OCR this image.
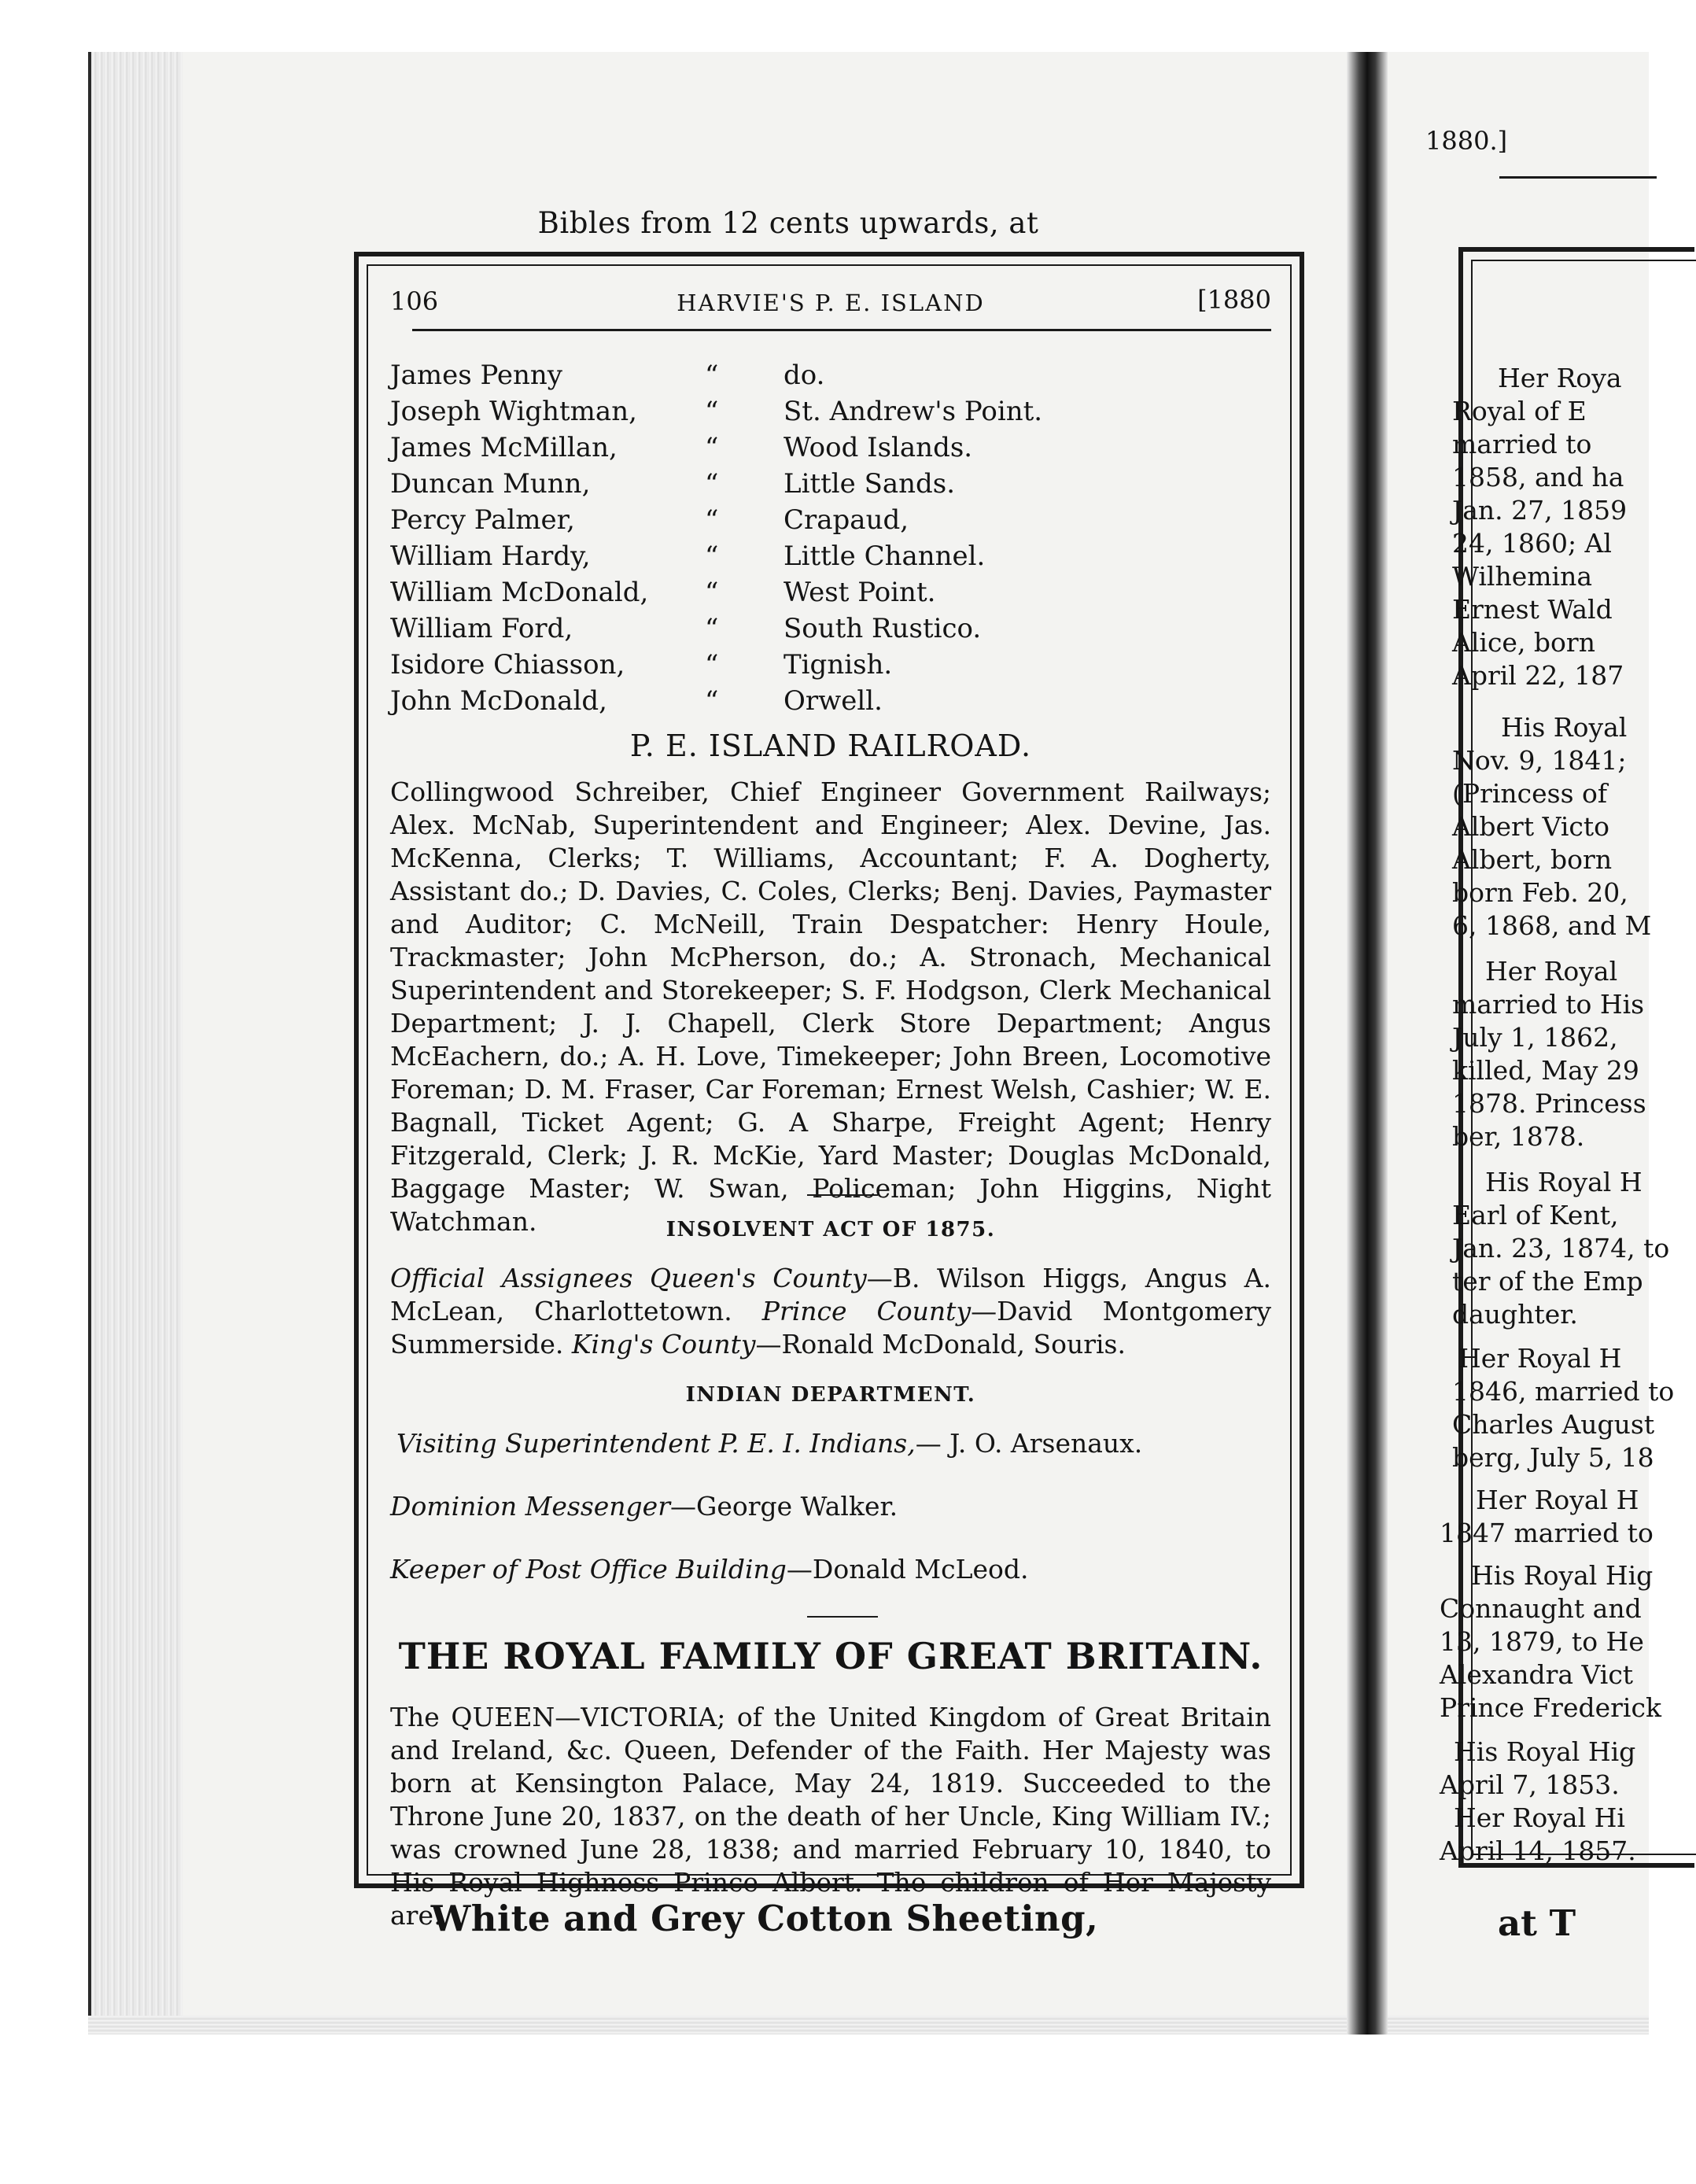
Bibles from 12 cents upwards, at
106	HARVIE'S P. E. ISLAND	[1880
James Penny	“ do.
Joseph Wightman,	“ St. Andrew's Point.
James McMillan,	“ Wood Islands.
Duncan Munn,	“ Little Sands.
Percy Palmer,	“ Crapaud,
William Hardy,	“ Little Channel.
William McDonald, “ West Point.
William Ford,	“ South Rustico.
Isidore Chiasson,	“ Tignish.
John McDonald,	“ Orwell.
P. E. ISLAND RAILROAD.
Collingwood Schreiber, Chief Engineer Government Railways; Alex. McNab, Superintendent and Engineer; Alex. Devine, Jas. McKenna, Clerks; T. Williams, Accountant; F. A. Dogherty, Assistant do.; D. Davies, C. Coles, Clerks; Benj. Davies, Paymaster and Auditor; C. McNeill, Train Despatcher: Henry Houle, Trackmaster; John McPherson, do.; A. Stronach, Mechanical Superintendent and Storekeeper; S. F. Hodgson, Clerk Mechanical Department; J. J. Chapell, Clerk Store Department; Angus McEachern, do.; A. H. Love, Timekeeper; John Breen, Locomotive Foreman; D. M. Fraser, Car Foreman; Ernest Welsh, Cashier; W. E. Bagnall, Ticket Agent; G. A Sharpe, Freight Agent; Henry Fitzgerald, Clerk; J. R. McKie, Yard Master; Douglas McDonald, Baggage Master; W. Swan, Policeman; John Higgins, Night Watchman.	INSOLVENT ACT OF 1875.
Official Assignees Queen's County—B. Wilson Higgs, Angus A. McLean, Charlottetown. Prince County—David Montgomery Summerside. King's County—Ronald McDonald, Souris.
INDIAN DEPARTMENT.
Visiting Superintendent P. E. I. Indians,— J. O. Arsenaux.
Dominion Messenger—George Walker.
Keeper of Post Office Building—Donald McLeod.
THE ROYAL FAMILY OF GREAT BRITAIN.
The QUEEN—VICTORIA; of the United Kingdom of Great Britain and Ireland, &c. Queen, Defender of the Faith. Her Majesty was born at Kensington Palace, May 24, 1819. Succeeded to the Throne June 20, 1837, on the death of her Uncle, King William IV.; was crowned June 28, 1838; and married February 10, 1840, to His Royal Highness Prince Albert. The children of Her Majesty are:
White and Grey Cotton Sheeting,
1880.]
Her Roya
Royal of E
married to
1858, and ha
Jan. 27, 1859
24, 1860; Al
Wilhemina
Ernest Wald
Alice, born
April 22, 187
His Royal
Nov. 9, 1841;
(Princess of
Albert Victo
Albert, born
born Feb. 20,
6, 1868, and M
Her Royal
married to His
July 1, 1862,
killed, May 29
1878. Princess
ber, 1878.
His Royal H
Earl of Kent,
Jan. 23, 1874, to
ter of the Emp
daughter.
Her Royal H
1846, married to
Charles August
berg, July 5, 18
Her Royal H
1847 married to
His Royal Hig
Connaught and
13, 1879, to He
Alexandra Vict
Prince Frederick
His Royal Hig
April 7, 1853.
Her Royal Hi
April 14, 1857.
at T
